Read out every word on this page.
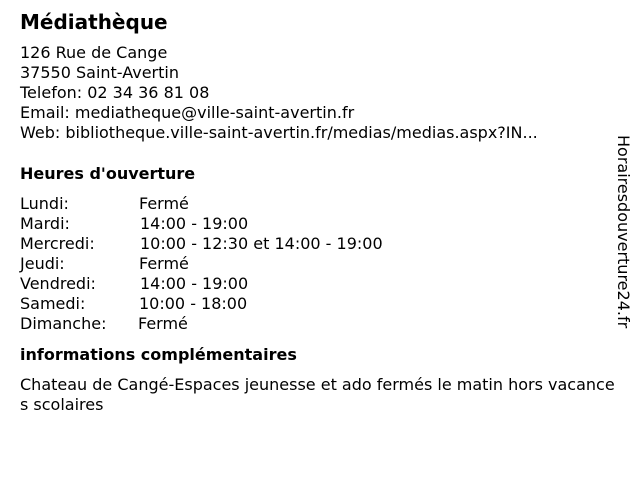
Médiathèque
126 Rue de Cange
37550 Saint-Avertin
Telefon: 02 34 36 81 08
Email: mediatheque@ville-saint-avertin.fr
Web: bibliotheque.ville-saint-avertin.fr/medias/medias.aspx?IN...
Heures d'ouverture
Lundi:	Fermé
Mardi:	14:00 - 19:00
Mercredi:	10:00 - 12:30 et 14:00 - 19:00
Jeudi:	Fermé
Vendredi:	14:00 - 19:00
Samedi:	10:00 - 18:00
Dimanche:	Fermé
informations complémentaires
Chateau de Cangé-Espaces jeunesse et ado fermés le matin hors vacances scolaires
Horairesdouverture24.fr
